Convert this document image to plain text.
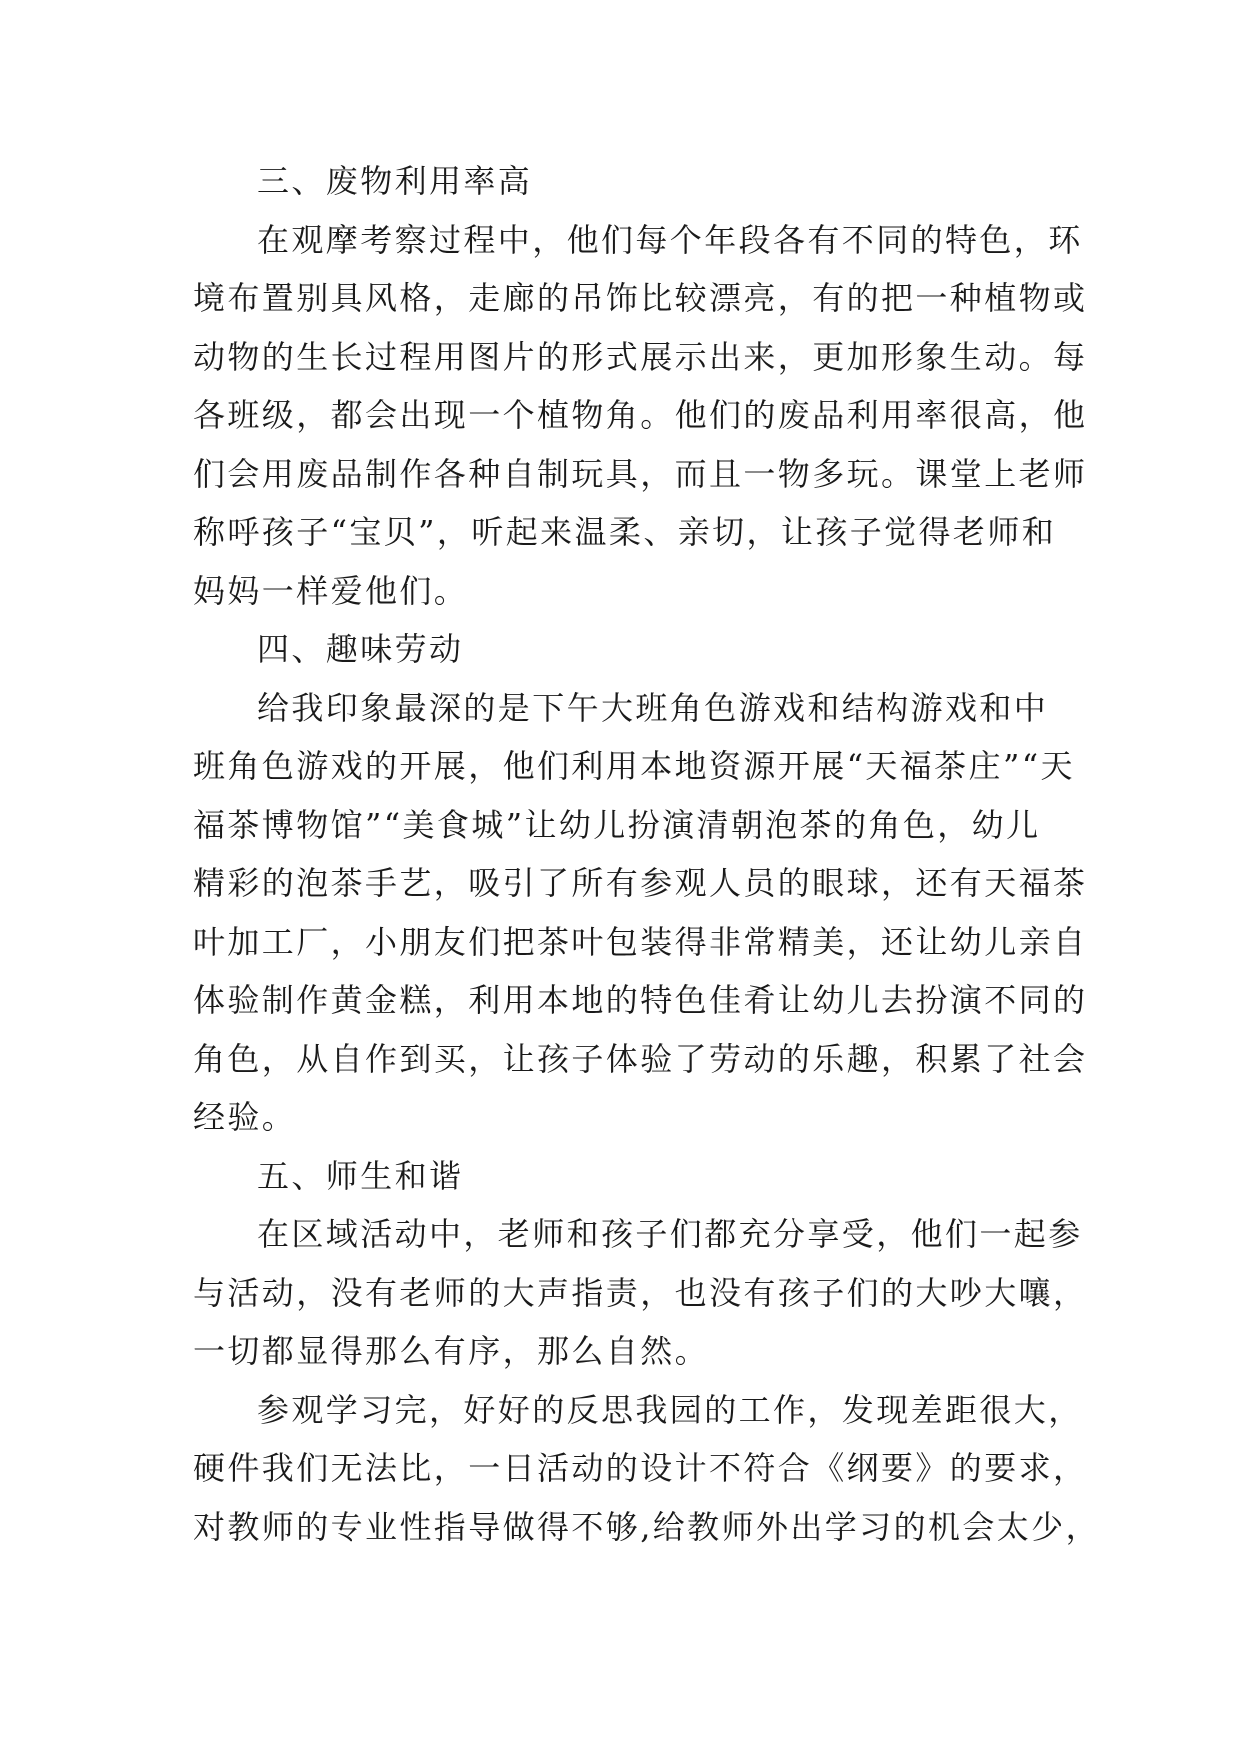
三、废物利用率高
在观摩考察过程中，他们每个年段各有不同的特色，环
境布置别具风格，走廊的吊饰比较漂亮，有的把一种植物或
动物的生长过程用图片的形式展示出来，更加形象生动。每
各班级，都会出现一个植物角。他们的废品利用率很高，他
们会用废品制作各种自制玩具，而且一物多玩。课堂上老师
称呼孩子“宝贝”，听起来温柔、亲切，让孩子觉得老师和
妈妈一样爱他们。
四、趣味劳动
给我印象最深的是下午大班角色游戏和结构游戏和中
班角色游戏的开展，他们利用本地资源开展“天福茶庄”“天
福茶博物馆”“美食城”让幼儿扮演清朝泡茶的角色，幼儿
精彩的泡茶手艺，吸引了所有参观人员的眼球，还有天福茶
叶加工厂，小朋友们把茶叶包装得非常精美，还让幼儿亲自
体验制作黄金糕，利用本地的特色佳肴让幼儿去扮演不同的
角色，从自作到买，让孩子体验了劳动的乐趣，积累了社会
经验。
五、师生和谐
在区域活动中，老师和孩子们都充分享受，他们一起参
与活动，没有老师的大声指责，也没有孩子们的大吵大嚷，
一切都显得那么有序，那么自然。
参观学习完，好好的反思我园的工作，发现差距很大，
硬件我们无法比，一日活动的设计不符合《纲要》的要求，
对教师的专业性指导做得不够,给教师外出学习的机会太少，
